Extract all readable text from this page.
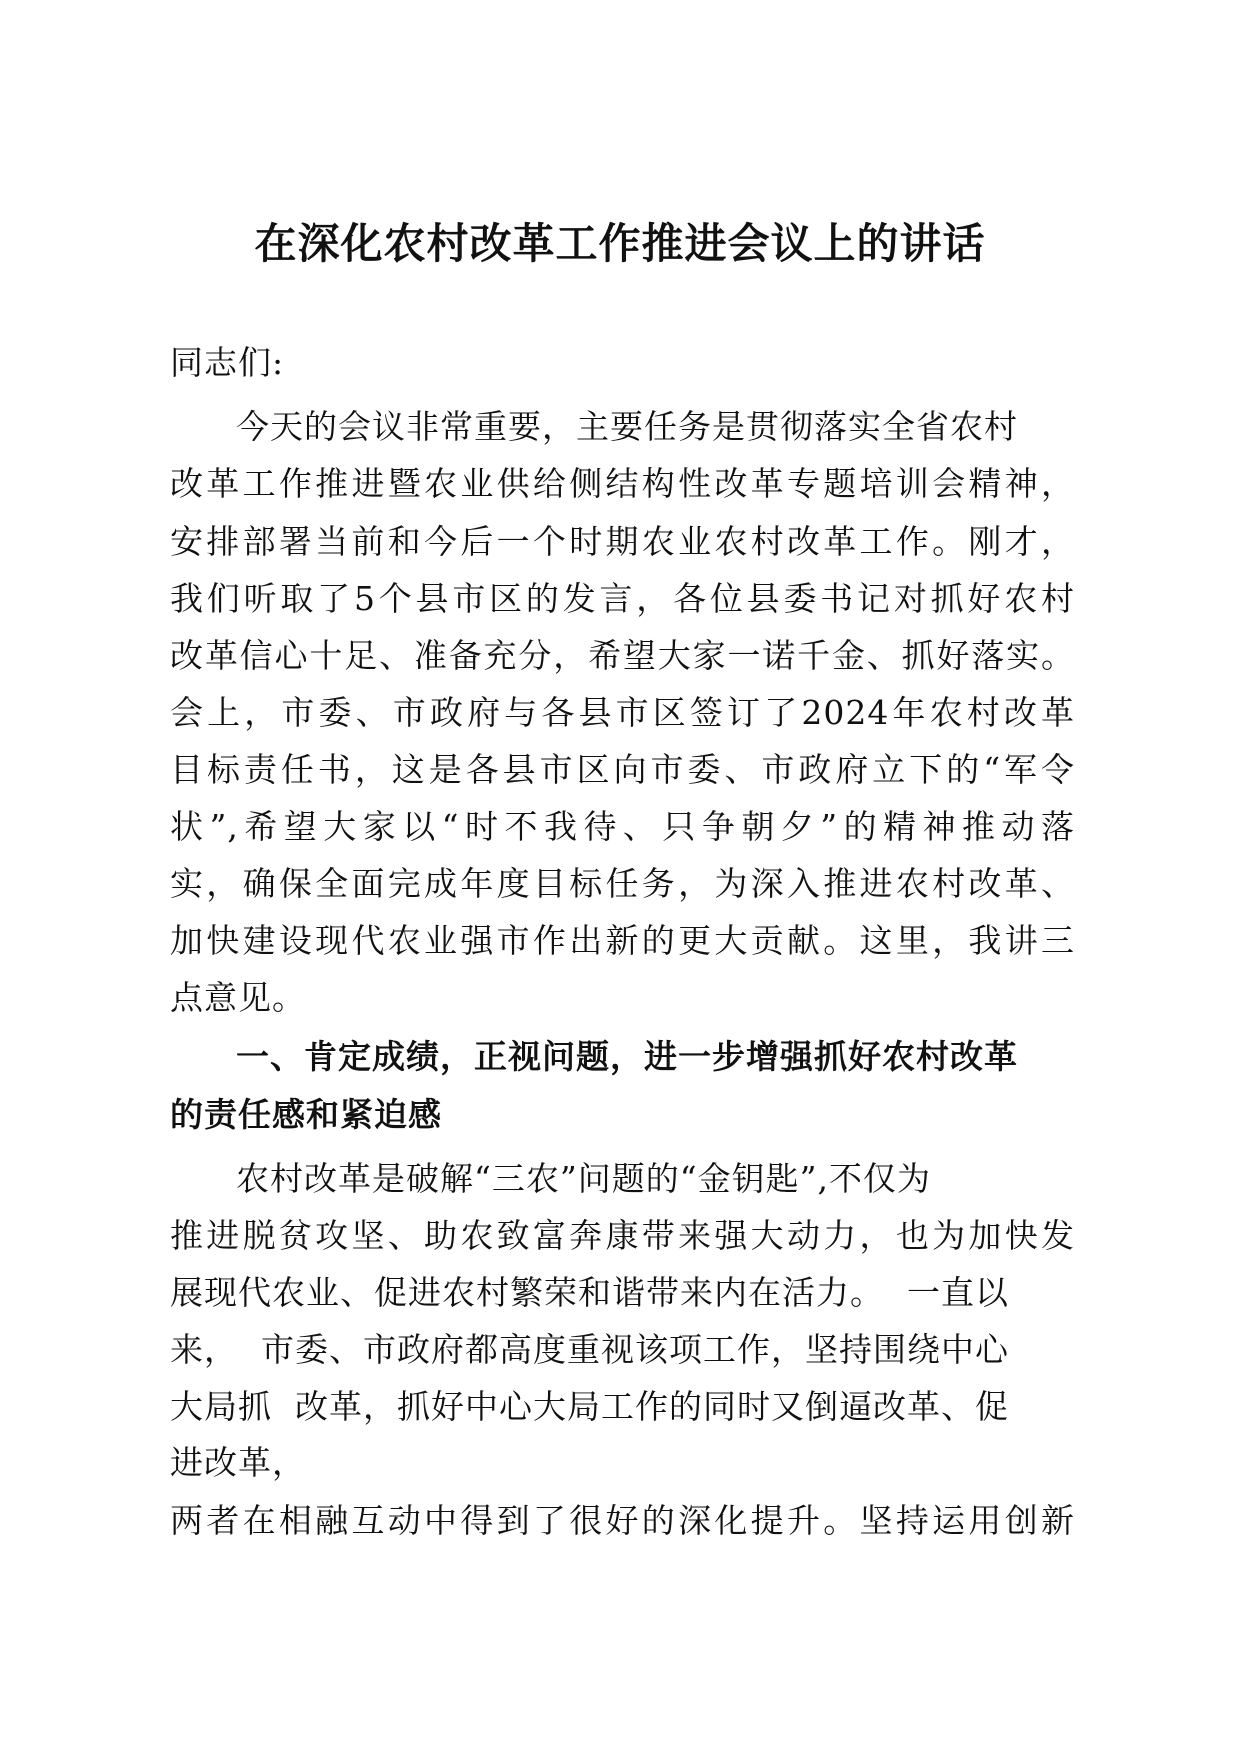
在深化农村改革工作推进会议上的讲话
同志们:
今天的会议非常重要，主要任务是贯彻落实全省农村
改革工作推进暨农业供给侧结构性改革专题培训会精神，
安排部署当前和今后一个时期农业农村改革工作。刚才，
我们听取了5个县市区的发言，各位县委书记对抓好农村
改革信心十足、准备充分，希望大家一诺千金、抓好落实。
会上，市委、市政府与各县市区签订了2024年农村改革
目标责任书，这是各县市区向市委、市政府立下的“军令
状”,希望大家以“时不我待、只争朝夕”的精神推动落
实，确保全面完成年度目标任务，为深入推进农村改革、
加快建设现代农业强市作出新的更大贡献。这里，我讲三
点意见。
一、肯定成绩，正视问题，进一步增强抓好农村改革
的责任感和紧迫感
农村改革是破解“三农”问题的“金钥匙”,不仅为
推进脱贫攻坚、助农致富奔康带来强大动力，也为加快发
展现代农业、促进农村繁荣和谐带来内在活力。  一直以
来，  市委、市政府都高度重视该项工作，坚持围绕中心
大局抓  改革，抓好中心大局工作的同时又倒逼改革、促
进改革，
两者在相融互动中得到了很好的深化提升。坚持运用创新
